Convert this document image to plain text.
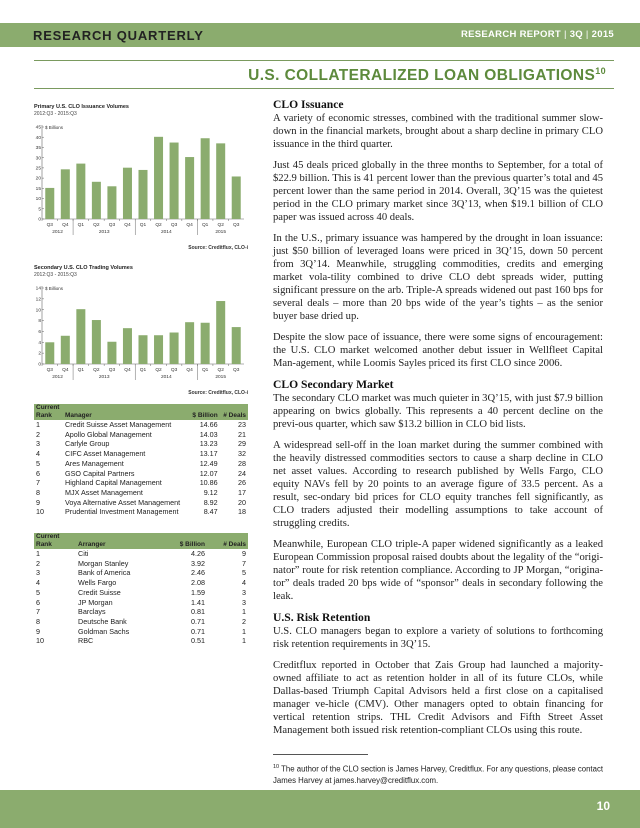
RESEARCH QUARTERLY	RESEARCH REPORT | 3Q | 2015
U.S. COLLATERALIZED LOAN OBLIGATIONS$^{10}$
Primary U.S. CLO Issuance Volumes
2012:Q3 - 2015:Q3
$ Billions
0
5
10
15
20
25
30
35
40
45
Q3 Q4 Q1 Q2 Q3 Q4 Q1 Q2 Q3 Q4 Q1 Q2 Q3
2012	2013	2014	2015
Source: Creditflux, CLO-i
Secondary U.S. CLO Trading Volumes
2012:Q3 - 2015:Q3
$ Billions
0
2
4
6
8
10
12
14
Q3 Q4 Q1 Q2 Q3 Q4 Q1 Q2 Q3 Q4 Q1 Q2 Q3
2012	2013	2014	2015
Source: Creditflux, CLO-i
Current			
Rank	Manager	$ Billion	# Deals
1	Credit Suisse Asset Management	14.66	23
2	Apollo Global Management	14.03	21
3	Carlyle Group	13.23	29
4	CIFC Asset Management	13.17	32
5	Ares Management	12.49	28
6	GSO Capital Partners	12.07	24
7	Highland Capital Management	10.86	26
8	MJX Asset Management	9.12	17
9	Voya Alternative Asset Management	8.92	20
10	Prudential Investment Management	8.47	18
Current			
Rank	Arranger	$ Billion	# Deals
1	Citi	4.26	9
2	Morgan Stanley	3.92	7
3	Bank of America	2.46	5
4	Wells Fargo	2.08	4
5	Credit Suisse	1.59	3
6	JP Morgan	1.41	3
7	Barclays	0.81	1
8	Deutsche Bank	0.71	2
9	Goldman Sachs	0.71	1
10	RBC	0.51	1
CLO Issuance

A variety of economic stresses, combined with the traditional summer slow-down in the financial markets, brought about a sharp decline in primary CLO issuance in the third quarter.

Just 45 deals priced globally in the three months to September, for a total of $22.9 billion. This is 41 percent lower than the previous quarter’s total and 45 percent lower than the same period in 2014. Overall, 3Q’15 was the quietest period in the CLO primary market since 3Q’13, when $19.1 billion of CLO paper was issued across 40 deals.

In the U.S., primary issuance was hampered by the drought in loan issuance: just $50 billion of leveraged loans were priced in 3Q’15, down 50 percent from 3Q’14. Meanwhile, struggling commodities, credits and emerging market vola-tility combined to drive CLO debt spreads wider, putting significant pressure on the arb. Triple-A spreads widened out past 160 bps for several deals – more than 20 bps wide of the year’s tights – as the senior buyer base dried up.

Despite the slow pace of issuance, there were some signs of encouragement: the U.S. CLO market welcomed another debut issuer in Wellfleet Capital Man-agement, while Loomis Sayles priced its first CLO since 2006.

CLO Secondary Market

The secondary CLO market was much quieter in 3Q’15, with just $7.9 billion appearing on bwics globally. This represents a 40 percent decline on the previ-ous quarter, which saw $13.2 billion in CLO bid lists.

A widespread sell-off in the loan market during the summer combined with the heavily distressed commodities sectors to cause a sharp decline in CLO net asset values. According to research published by Wells Fargo, CLO equity NAVs fell by 20 points to an average figure of 33.5 percent. As a result, sec-ondary bid prices for CLO equity tranches fell significantly, as CLO traders adjusted their modelling assumptions to take account of struggling credits.

Meanwhile, European CLO triple-A paper widened significantly as a leaked European Commission proposal raised doubts about the legality of the “origi-nator” route for risk retention compliance. According to JP Morgan, “origina-tor” deals traded 20 bps wide of “sponsor” deals in secondary following the leak.

U.S. Risk Retention

U.S. CLO managers began to explore a variety of solutions to forthcoming risk retention requirements in 3Q’15.

Creditflux reported in October that Zais Group had launched a majority-owned affiliate to act as retention holder in all of its future CLOs, while Dallas-based Triumph Capital Advisors held a first close on a capitalised manager ve-hicle (CMV). Other managers opted to obtain financing for vertical retention strips. THL Credit Advisors and Fifth Street Asset Management both issued risk retention-compliant CLOs using this route.

$^{10}$ The author of the CLO section is James Harvey, Creditflux. For any questions, please contact James Harvey at james.harvey@creditflux.com.
10
